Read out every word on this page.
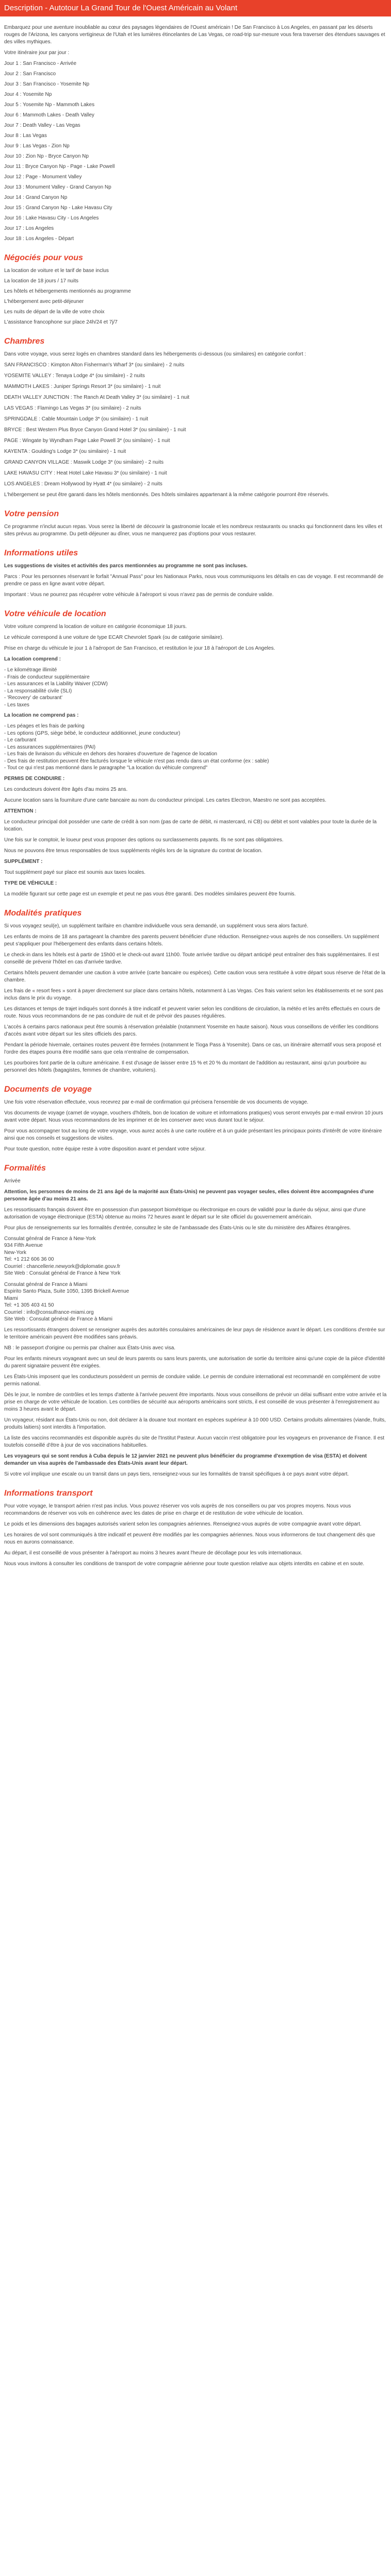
Description - Autotour La Grand Tour de l'Ouest Américain au Volant
Embarquez pour une aventure inoubliable au cœur des paysages légendaires de l'Ouest américain ! De San Francisco à Los Angeles, en passant par les déserts rouges de l'Arizona, les canyons vertigineux de l'Utah et les lumières étincelantes de Las Vegas, ce road-trip sur-mesure vous fera traverser des étendues sauvages et des villes mythiques.
Votre itinéraire jour par jour :
Jour 1 : San Francisco - Arrivée
Jour 2 : San Francisco
Jour 3 : San Francisco - Yosemite Np
Jour 4 : Yosemite Np
Jour 5 : Yosemite Np - Mammoth Lakes
Jour 6 : Mammoth Lakes - Death Valley
Jour 7 : Death Valley - Las Vegas
Jour 8 : Las Vegas
Jour 9 : Las Vegas - Zion Np
Jour 10 : Zion Np - Bryce Canyon Np
Jour 11 : Bryce Canyon Np - Page - Lake Powell
Jour 12 : Page - Monument Valley
Jour 13 : Monument Valley - Grand Canyon Np
Jour 14 : Grand Canyon Np
Jour 15 : Grand Canyon Np - Lake Havasu City
Jour 16 : Lake Havasu City - Los Angeles
Jour 17 : Los Angeles
Jour 18 : Los Angeles - Départ
Négociés pour vous
La location de voiture et le tarif de base inclus
La location de 18 jours / 17 nuits
Les hôtels et hébergements mentionnés au programme
L'hébergement avec petit-déjeuner
Les nuits de départ de la ville de votre choix
L'assistance francophone sur place 24h/24 et 7j/7
Chambres
Dans votre voyage, vous serez logés en chambres standard dans les hébergements ci-dessous (ou similaires) en catégorie confort :
SAN FRANCISCO : Kimpton Alton Fisherman's Wharf 3* (ou similaire) - 2 nuits
YOSEMITE VALLEY : Tenaya Lodge 4* (ou similaire) - 2 nuits
MAMMOTH LAKES : Juniper Springs Resort 3* (ou similaire) - 1 nuit
DEATH VALLEY JUNCTION : The Ranch At Death Valley 3* (ou similaire) - 1 nuit
LAS VEGAS : Flamingo Las Vegas 3* (ou similaire) - 2 nuits
SPRINGDALE : Cable Mountain Lodge 3* (ou similaire) - 1 nuit
BRYCE : Best Western Plus Bryce Canyon Grand Hotel 3* (ou similaire) - 1 nuit
PAGE : Wingate by Wyndham Page Lake Powell 3* (ou similaire) - 1 nuit
KAYENTA : Goulding's Lodge 3* (ou similaire) - 1 nuit
GRAND CANYON VILLAGE : Maswik Lodge 3* (ou similaire) - 2 nuits
LAKE HAVASU CITY : Heat Hotel Lake Havasu 3* (ou similaire) - 1 nuit
LOS ANGELES : Dream Hollywood by Hyatt 4* (ou similaire) - 2 nuits
L'hébergement se peut être garanti dans les hôtels mentionnés. Des hôtels similaires appartenant à la même catégorie pourront être réservés.
Votre pension
Ce programme n'inclut aucun repas. Vous serez la liberté de découvrir la gastronomie locale et les nombreux restaurants ou snacks qui fonctionnent dans les villes et sites prévus au programme. Du petit-déjeuner au dîner, vous ne manquerez pas d'options pour vous restaurer.
Informations utiles
Les suggestions de visites et activités des parcs mentionnées au programme ne sont pas incluses.
Parcs : Pour les personnes réservant le forfait "Annual Pass" pour les Nationaux Parks, nous vous communiquons les détails en cas de voyage. Il est recommandé de prendre ce pass en ligne avant votre départ.
Important : Vous ne pourrez pas récupérer votre véhicule à l'aéroport si vous n'avez pas de permis de conduire valide.
Votre véhicule de location
Votre voiture comprend la location de voiture en catégorie économique 18 jours.
Le véhicule correspond à une voiture de type ECAR Chevrolet Spark (ou de catégorie similaire).
Prise en charge du véhicule le jour 1 à l'aéroport de San Francisco, et restitution le jour 18 à l'aéroport de Los Angeles.
La location comprend :
- Le kilométrage illimité
- Frais de conducteur supplémentaire
- Les assurances et la Liability Waiver (CDW)
- La responsabilité civile (SLI)
- 'Recovery' de carburant'
- Les taxes
La location ne comprend pas :
- Les péages et les frais de parking
- Les options (GPS, siège bébé, le conducteur additionnel, jeune conducteur)
- Le carburant
- Les assurances supplémentaires (PAI)
- Les frais de livraison du véhicule en dehors des horaires d'ouverture de l'agence de location
- Des frais de restitution peuvent être facturés lorsque le véhicule n'est pas rendu dans un état conforme (ex : sable)
- Tout ce qui n'est pas mentionné dans le paragraphe "La location du véhicule comprend"
PERMIS DE CONDUIRE :
Les conducteurs doivent être âgés d'au moins 25 ans.
Aucune location sans la fourniture d'une carte bancaire au nom du conducteur principal. Les cartes Electron, Maestro ne sont pas acceptées.
ATTENTION :
Le conducteur principal doit posséder une carte de crédit à son nom (pas de carte de débit, ni mastercard, ni CB) ou débit et sont valables pour toute la durée de la location.
Une fois sur le comptoir, le loueur peut vous proposer des options ou surclassements payants. Ils ne sont pas obligatoires.
Nous ne pouvons être tenus responsables de tous suppléments réglés lors de la signature du contrat de location.
SUPPLÉMENT :
Tout supplément payé sur place est soumis aux taxes locales.
TYPE DE VÉHICULE :
La modèle figurant sur cette page est un exemple et peut ne pas vous être garanti. Des modèles similaires peuvent être fournis.
Modalités pratiques
Si vous voyagez seul(e), un supplément tarifaire en chambre individuelle vous sera demandé, un supplément vous sera alors facturé.
Les enfants de moins de 18 ans partageant la chambre des parents peuvent bénéficier d'une réduction. Renseignez-vous auprès de nos conseillers. Un supplément peut s'appliquer pour l'hébergement des enfants dans certains hôtels.
Le check-in dans les hôtels est à partir de 15h00 et le check-out avant 11h00. Toute arrivée tardive ou départ anticipé peut entraîner des frais supplémentaires. Il est conseillé de prévenir l'hôtel en cas d'arrivée tardive.
Certains hôtels peuvent demander une caution à votre arrivée (carte bancaire ou espèces). Cette caution vous sera restituée à votre départ sous réserve de l'état de la chambre.
Les frais de « resort fees » sont à payer directement sur place dans certains hôtels, notamment à Las Vegas. Ces frais varient selon les établissements et ne sont pas inclus dans le prix du voyage.
Les distances et temps de trajet indiqués sont donnés à titre indicatif et peuvent varier selon les conditions de circulation, la météo et les arrêts effectués en cours de route. Nous vous recommandons de ne pas conduire de nuit et de prévoir des pauses régulières.
L'accès à certains parcs nationaux peut être soumis à réservation préalable (notamment Yosemite en haute saison). Nous vous conseillons de vérifier les conditions d'accès avant votre départ sur les sites officiels des parcs.
Pendant la période hivernale, certaines routes peuvent être fermées (notamment le Tioga Pass à Yosemite). Dans ce cas, un itinéraire alternatif vous sera proposé et l'ordre des étapes pourra être modifié sans que cela n'entraîne de compensation.
Les pourboires font partie de la culture américaine. Il est d'usage de laisser entre 15 % et 20 % du montant de l'addition au restaurant, ainsi qu'un pourboire au personnel des hôtels (bagagistes, femmes de chambre, voituriers).
Documents de voyage
Une fois votre réservation effectuée, vous recevrez par e-mail de confirmation qui précisera l'ensemble de vos documents de voyage.
Vos documents de voyage (carnet de voyage, vouchers d'hôtels, bon de location de voiture et informations pratiques) vous seront envoyés par e-mail environ 10 jours avant votre départ. Nous vous recommandons de les imprimer et de les conserver avec vous durant tout le séjour.
Pour vous accompagner tout au long de votre voyage, vous aurez accès à une carte routière et à un guide présentant les principaux points d'intérêt de votre itinéraire ainsi que nos conseils et suggestions de visites.
Pour toute question, notre équipe reste à votre disposition avant et pendant votre séjour.
Formalités
Arrivée
Attention, les personnes de moins de 21 ans âgé de la majorité aux États-Unis) ne peuvent pas voyager seules, elles doivent être accompagnées d'une personne âgée d'au moins 21 ans.
Les ressortissants français doivent être en possession d'un passeport biométrique ou électronique en cours de validité pour la durée du séjour, ainsi que d'une autorisation de voyage électronique (ESTA) obtenue au moins 72 heures avant le départ sur le site officiel du gouvernement américain.
Pour plus de renseignements sur les formalités d'entrée, consultez le site de l'ambassade des États-Unis ou le site du ministère des Affaires étrangères.
Consulat général de France à New-York
934 Fifth Avenue
New-York
Tel: +1 212 606 36 00
Courriel : chancellerie.newyork@diplomatie.gouv.fr
Site Web : Consulat général de France à New York
Consulat général de France à Miami
Espirito Santo Plaza, Suite 1050, 1395 Brickell Avenue
Miami
Tel: +1 305 403 41 50
Courriel : info@consulfrance-miami.org
Site Web : Consulat général de France à Miami
Les ressortissants étrangers doivent se renseigner auprès des autorités consulaires américaines de leur pays de résidence avant le départ. Les conditions d'entrée sur le territoire américain peuvent être modifiées sans préavis.
NB : le passeport d'origine ou permis par chaîner aux États-Unis avec visa.
Pour les enfants mineurs voyageant avec un seul de leurs parents ou sans leurs parents, une autorisation de sortie du territoire ainsi qu'une copie de la pièce d'identité du parent signataire peuvent être exigées.
Les États-Unis imposent que les conducteurs possèdent un permis de conduire valide. Le permis de conduire international est recommandé en complément de votre permis national.
Dès le jour, le nombre de contrôles et les temps d'attente à l'arrivée peuvent être importants. Nous vous conseillons de prévoir un délai suffisant entre votre arrivée et la prise en charge de votre véhicule de location. Les contrôles de sécurité aux aéroports américains sont stricts, il est conseillé de vous présenter à l'enregistrement au moins 3 heures avant le départ.
Un voyageur, résidant aux États-Unis ou non, doit déclarer à la douane tout montant en espèces supérieur à 10 000 USD. Certains produits alimentaires (viande, fruits, produits laitiers) sont interdits à l'importation.
La liste des vaccins recommandés est disponible auprès du site de l'Institut Pasteur. Aucun vaccin n'est obligatoire pour les voyageurs en provenance de France. Il est toutefois conseillé d'être à jour de vos vaccinations habituelles.
Les voyageurs qui se sont rendus à Cuba depuis le 12 janvier 2021 ne peuvent plus bénéficier du programme d'exemption de visa (ESTA) et doivent demander un visa auprès de l'ambassade des États-Unis avant leur départ.
Si votre vol implique une escale ou un transit dans un pays tiers, renseignez-vous sur les formalités de transit spécifiques à ce pays avant votre départ.
Informations transport
Pour votre voyage, le transport aérien n'est pas inclus. Vous pouvez réserver vos vols auprès de nos conseillers ou par vos propres moyens. Nous vous recommandons de réserver vos vols en cohérence avec les dates de prise en charge et de restitution de votre véhicule de location.
Le poids et les dimensions des bagages autorisés varient selon les compagnies aériennes. Renseignez-vous auprès de votre compagnie avant votre départ.
Les horaires de vol sont communiqués à titre indicatif et peuvent être modifiés par les compagnies aériennes. Nous vous informerons de tout changement dès que nous en aurons connaissance.
Au départ, il est conseillé de vous présenter à l'aéroport au moins 3 heures avant l'heure de décollage pour les vols internationaux.
Nous vous invitons à consulter les conditions de transport de votre compagnie aérienne pour toute question relative aux objets interdits en cabine et en soute.
